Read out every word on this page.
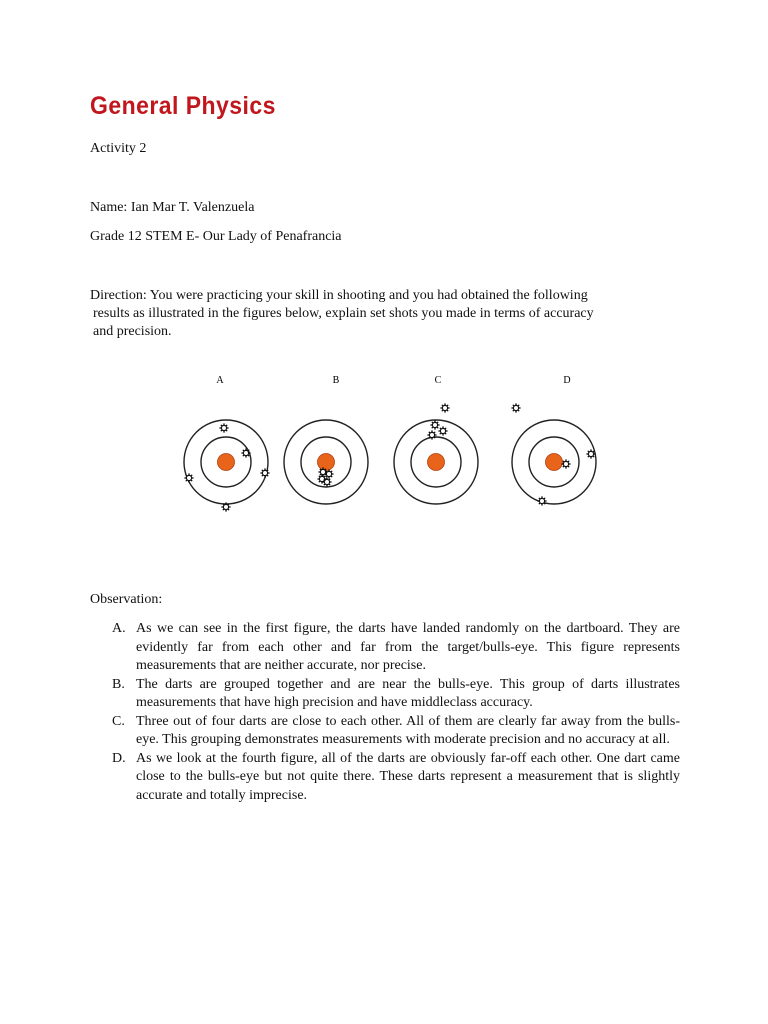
General Physics

Activity 2

Name: Ian Mar T. Valenzuela

Grade 12 STEM E- Our Lady of Penafrancia

Direction: You were practicing your skill in shooting and you had obtained the following
results as illustrated in the figures below, explain set shots you made in terms of accuracy
and precision.

A	B	C	D

Observation:

A. As we can see in the first figure, the darts have landed randomly on the dartboard. They are evidently far from each other and far from the target/bulls-eye. This figure represents measurements that are neither accurate, nor precise.
B. The darts are grouped together and are near the bulls-eye. This group of darts illustrates measurements that have high precision and have middleclass accuracy.
C. Three out of four darts are close to each other. All of them are clearly far away from the bulls-eye. This grouping demonstrates measurements with moderate precision and no accuracy at all.
D. As we look at the fourth figure, all of the darts are obviously far-off each other. One dart came close to the bulls-eye but not quite there. These darts represent a measurement that is slightly accurate and totally imprecise.
